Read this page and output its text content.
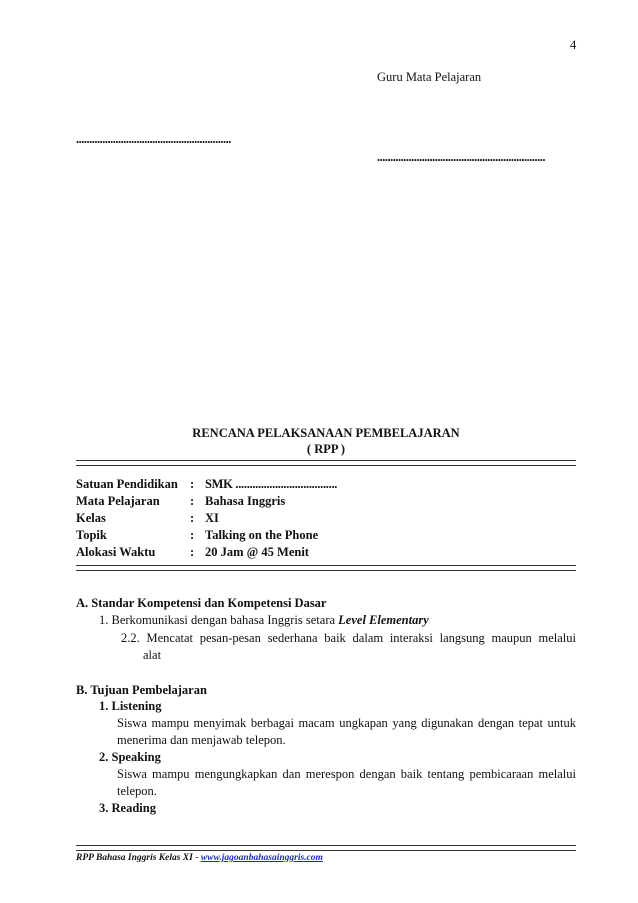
4
Guru Mata Pelajaran
...........................................................
................................................................
RENCANA PELAKSANAAN PEMBELAJARAN
( RPP )
Satuan Pendidikan : SMK ....................................
Mata Pelajaran : Bahasa Inggris
Kelas	: XI
Topik	: Talking on the Phone
Alokasi Waktu	: 20 Jam @ 45 Menit
A. Standar Kompetensi dan Kompetensi Dasar
1. Berkomunikasi dengan bahasa Inggris setara Level Elementary
2.2. Mencatat pesan-pesan sederhana baik dalam interaksi langsung maupun melalui
alat
B. Tujuan Pembelajaran
1. Listening
Siswa mampu menyimak berbagai macam ungkapan yang digunakan dengan tepat untuk
menerima dan menjawab telepon.
2. Speaking
Siswa mampu mengungkapkan dan merespon dengan baik tentang pembicaraan melalui
telepon.
3. Reading
RPP Bahasa Inggris Kelas XI - www.jagoanbahasainggris.com
